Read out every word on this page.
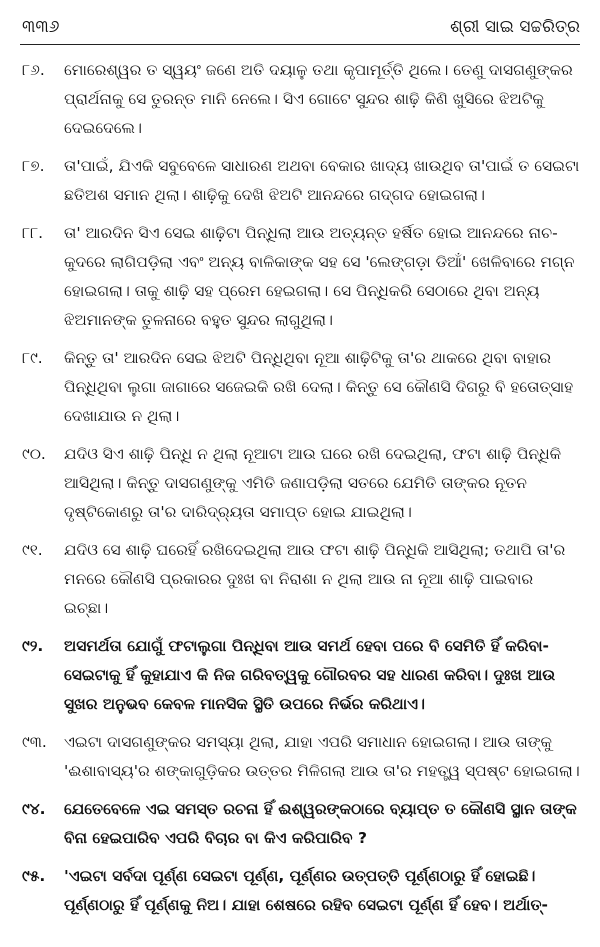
୩୩୬	ଶ୍ରୀ ସାଇ ସଚ୍ଚରିତ୍ର
୮୬. ମୋରେଶ୍ୱର ତ ସ୍ୱୟଂ ଜଣେ ଅତି ଦୟାଳୁ ତଥା କୃପାମୂର୍ତ୍ତି ଥିଲେ। ତେଣୁ ଦାସଗଣୁଙ୍କର ପ୍ରାର୍ଥନାକୁ ସେ ତୁରନ୍ତ ମାନି ନେଲେ। ସିଏ ଗୋଟେ ସୁନ୍ଦର ଶାଢ଼ି କିଣି ଖୁସିରେ ଝିଅଟିକୁ ଦେଇଦେଲେ।

୮୭. ତା'ପାଇଁ, ଯିଏକି ସବୁବେଳେ ସାଧାରଣ ଅଥବା ବେକାର ଖାଦ୍ୟ ଖାଉଥିବ ତା'ପାଇଁ ତ ସେଇଟା ଛତିଅଶ ସମାନ ଥିଲା। ଶାଢ଼ିକୁ ଦେଖି ଝିଅଟି ଆନନ୍ଦରେ ଗଦ୍‌ଗଦ ହୋଇଗଲା।

୮୮. ତା' ଆରଦିନ ସିଏ ସେଇ ଶାଢ଼ିଟା ପିନ୍ଧିଲା ଆଉ ଅତ୍ୟନ୍ତ ହର୍ଷିତ ହୋଇ ଆନନ୍ଦରେ ନାଚ-କୁଦରେ ଲାଗିପଡ଼ିଲା ଏବଂ ଅନ୍ୟ ବାଳିକାଙ୍କ ସହ ସେ 'ଲେଙ୍ଗଡ଼ା ଡିଆଁ' ଖେଳିବାରେ ମଗ୍ନ ହୋଇଗଲା। ତାକୁ ଶାଢ଼ି ସହ ପ୍ରେମ ହେଇଗଲା। ସେ ପିନ୍ଧିକରି ସେଠାରେ ଥିବା ଅନ୍ୟ ଝିଅମାନଙ୍କ ତୁଳନାରେ ବହୁତ ସୁନ୍ଦର ଲାଗୁଥିଲା।

୮୯. କିନ୍ତୁ ତା' ଆରଦିନ ସେଇ ଝିଅଟି ପିନ୍ଧିଥିବା ନୂଆ ଶାଢ଼ିଟିକୁ ତା'ର ଥାକରେ ଥିବା ବାହାର ପିନ୍ଧିଥିବା ଲୁଗା ଜାଗାରେ ସଜେଇକି ରଖି ଦେଲା। କିନ୍ତୁ ସେ କୌଣସି ଦିଗରୁ ବି ହତୋତ୍ସାହ ଦେଖାଯାଉ ନ ଥିଲା।

୯୦. ଯଦିଓ ସିଏ ଶାଢ଼ି ପିନ୍ଧି ନ ଥିଲା ନୂଆଟା ଆଉ ଘରେ ରଖି ଦେଇଥିଲା, ଫଟା ଶାଢ଼ି ପିନ୍ଧିକି ଆସିଥିଲା। କିନ୍ତୁ ଦାସଗଣୁଙ୍କୁ ଏମିତି ଜଣାପଡ଼ିଲା ସତରେ ଯେମିତି ତାଙ୍କର ନୂତନ ଦୃଷ୍ଟିକୋଣରୁ ତା'ର ଦାରିଦ୍ର୍ୟତା ସମାପ୍ତ ହୋଇ ଯାଇଥିଲା।

୯୧. ଯଦିଓ ସେ ଶାଢ଼ି ଘରେହିଁ ରଖିଦେଇଥିଲା ଆଉ ଫଟା ଶାଢ଼ି ପିନ୍ଧିକି ଆସିଥିଲା; ତଥାପି ତା'ର ମନରେ କୌଣସି ପ୍ରକାରର ଦୁଃଖ ବା ନିରାଶା ନ ଥିଲା ଆଉ ନା ନୂଆ ଶାଢ଼ି ପାଇବାର ଇଚ୍ଛା।

୯୨. ଅସମର୍ଥତା ଯୋଗୁଁ ଫଟାଲୁଗା ପିନ୍ଧିବା ଆଉ ସମର୍ଥ ହେବା ପରେ ବି ସେମିତି ହିଁ କରିବା-ସେଇଟାକୁ ହିଁ କୁହାଯାଏ କି ନିଜ ଗରିବତ୍ୱକୁ ଗୌରବର ସହ ଧାରଣ କରିବା। ଦୁଃଖ ଆଉ ସୁଖର ଅନୁଭବ କେବଳ ମାନସିକ ସ୍ଥିତି ଉପରେ ନିର୍ଭର କରିଥାଏ।

୯୩. ଏଇଟା ଦାସଗଣୁଙ୍କର ସମସ୍ୟା ଥିଲା, ଯାହା ଏପରି ସମାଧାନ ହୋଇଗଲା। ଆଉ ତାଙ୍କୁ 'ଈଶାବାସ୍ୟ'ର ଶଙ୍କାଗୁଡ଼ିକର ଉତ୍ତର ମିଳିଗଲା ଆଉ ତା'ର ମହତ୍ତ୍ୱ ସ୍ପଷ୍ଟ ହୋଇଗଲା।

୯୪. ଯେତେବେଳେ ଏଇ ସମସ୍ତ ରଚନା ହିଁ ଈଶ୍ୱରଙ୍କଠାରେ ବ୍ୟାପ୍ତ ତ କୌଣସି ସ୍ଥାନ ତାଙ୍କ ବିନା ହେଇପାରିବ ଏପରି ବିଚାର ବା କିଏ କରିପାରିବ ?

୯୫. 'ଏଇଟା ସର୍ବଦା ପୂର୍ଣ୍ଣ ସେଇଟା ପୂର୍ଣ୍ଣ, ପୂର୍ଣ୍ଣର ଉତ୍ପତ୍ତି ପୂର୍ଣ୍ଣଠାରୁ ହିଁ ହୋଇଛି। ପୂର୍ଣ୍ଣଠାରୁ ହିଁ ପୂର୍ଣ୍ଣକୁ ନିଅ। ଯାହା ଶେଷରେ ରହିବ ସେଇଟା ପୂର୍ଣ୍ଣ ହିଁ ହେବ। ଅର୍ଥାତ୍‌-
